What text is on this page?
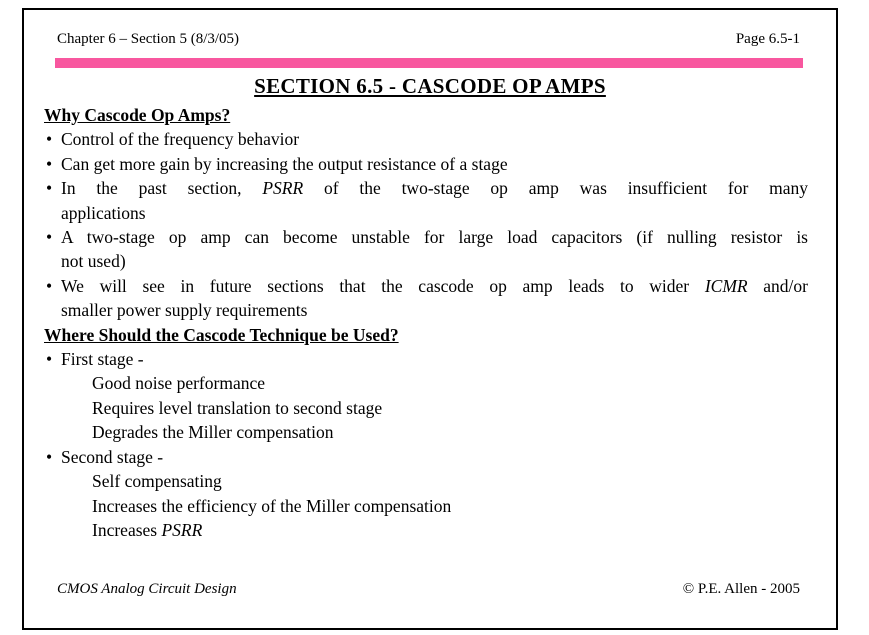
Chapter 6 – Section 5 (8/3/05)	Page 6.5-1
SECTION 6.5 - CASCODE OP AMPS
Why Cascode Op Amps?
• Control of the frequency behavior
• Can get more gain by increasing the output resistance of a stage
• In the past section, PSRR of the two-stage op amp was insufficient for many
applications
• A two-stage op amp can become unstable for large load capacitors (if nulling resistor is
not used)
• We will see in future sections that the cascode op amp leads to wider ICMR and/or
smaller power supply requirements
Where Should the Cascode Technique be Used?
• First stage -
Good noise performance
Requires level translation to second stage
Degrades the Miller compensation
• Second stage -
Self compensating
Increases the efficiency of the Miller compensation
Increases PSRR
CMOS Analog Circuit Design	© P.E. Allen - 2005
